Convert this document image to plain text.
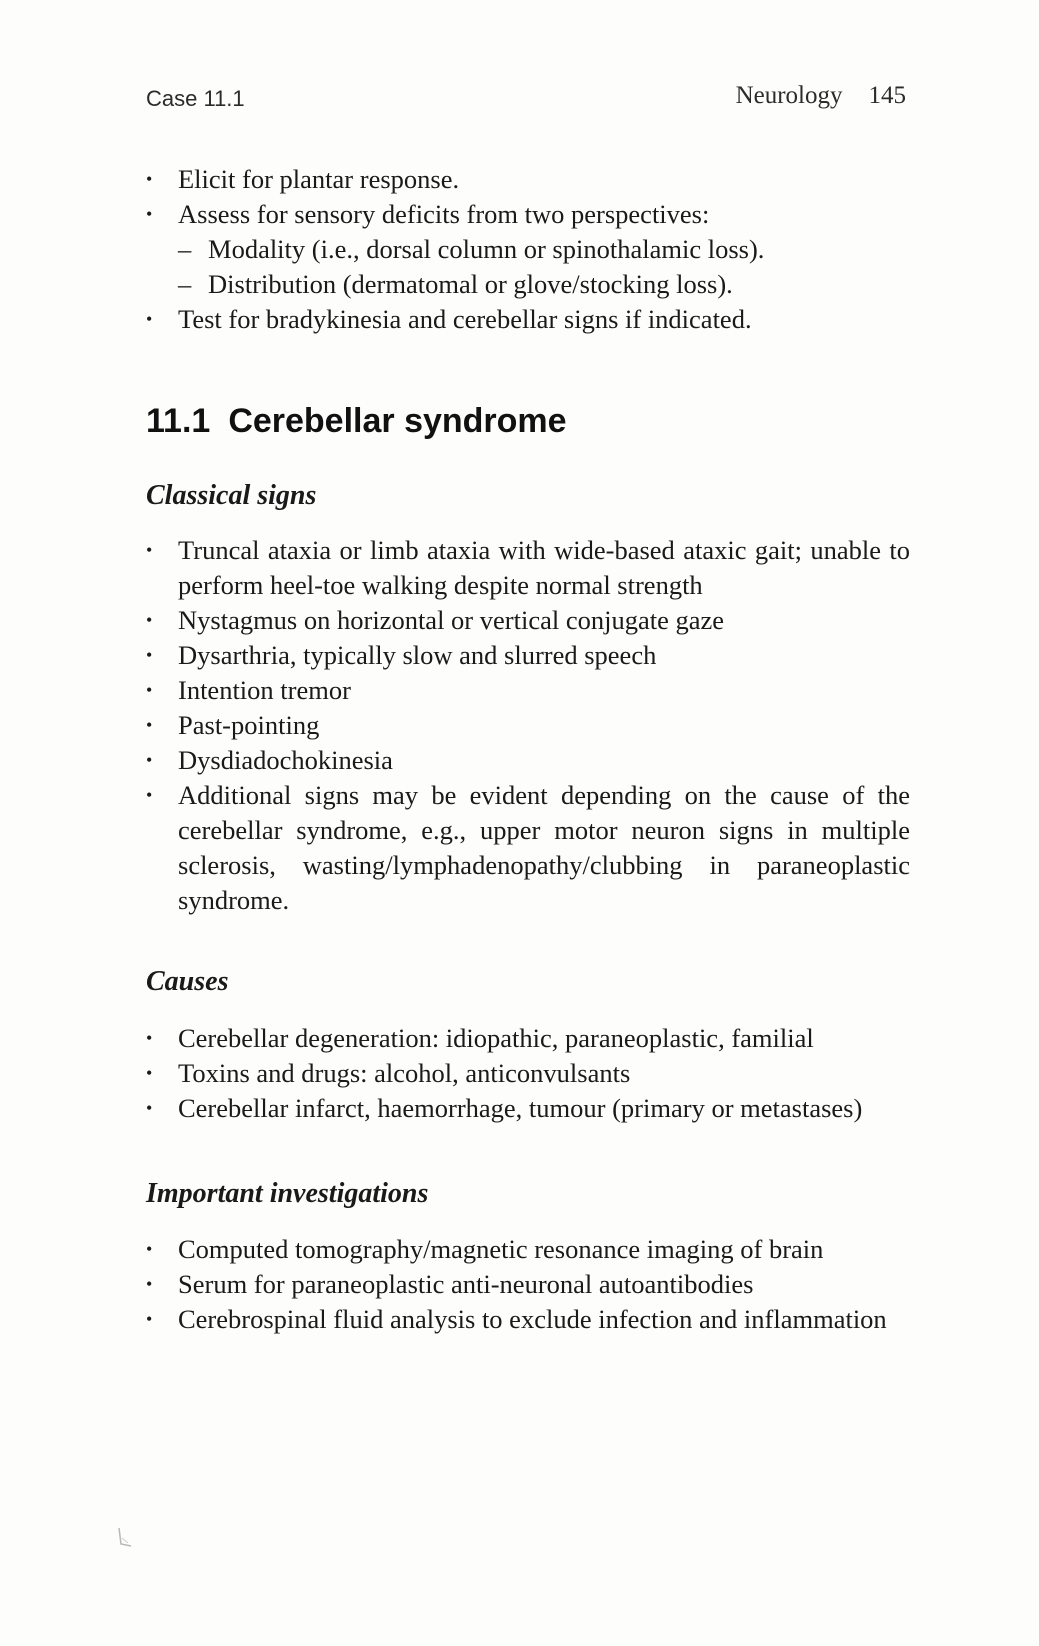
Case 11.1	Neurology 145
• Elicit for plantar response.
• Assess for sensory deficits from two perspectives:
– Modality (i.e., dorsal column or spinothalamic loss).
– Distribution (dermatomal or glove/stocking loss).
• Test for bradykinesia and cerebellar signs if indicated.
11.1 Cerebellar syndrome
Classical signs
• Truncal ataxia or limb ataxia with wide-based ataxic gait; unable to perform heel-toe walking despite normal strength
• Nystagmus on horizontal or vertical conjugate gaze
• Dysarthria, typically slow and slurred speech
• Intention tremor
• Past-pointing
• Dysdiadochokinesia
• Additional signs may be evident depending on the cause of the cerebellar syndrome, e.g., upper motor neuron signs in multiple sclerosis, wasting/lymphadenopathy/clubbing in paraneoplastic syndrome.
Causes
• Cerebellar degeneration: idiopathic, paraneoplastic, familial
• Toxins and drugs: alcohol, anticonvulsants
• Cerebellar infarct, haemorrhage, tumour (primary or metastases)
Important investigations
• Computed tomography/magnetic resonance imaging of brain
• Serum for paraneoplastic anti-neuronal autoantibodies
• Cerebrospinal fluid analysis to exclude infection and inflammation
